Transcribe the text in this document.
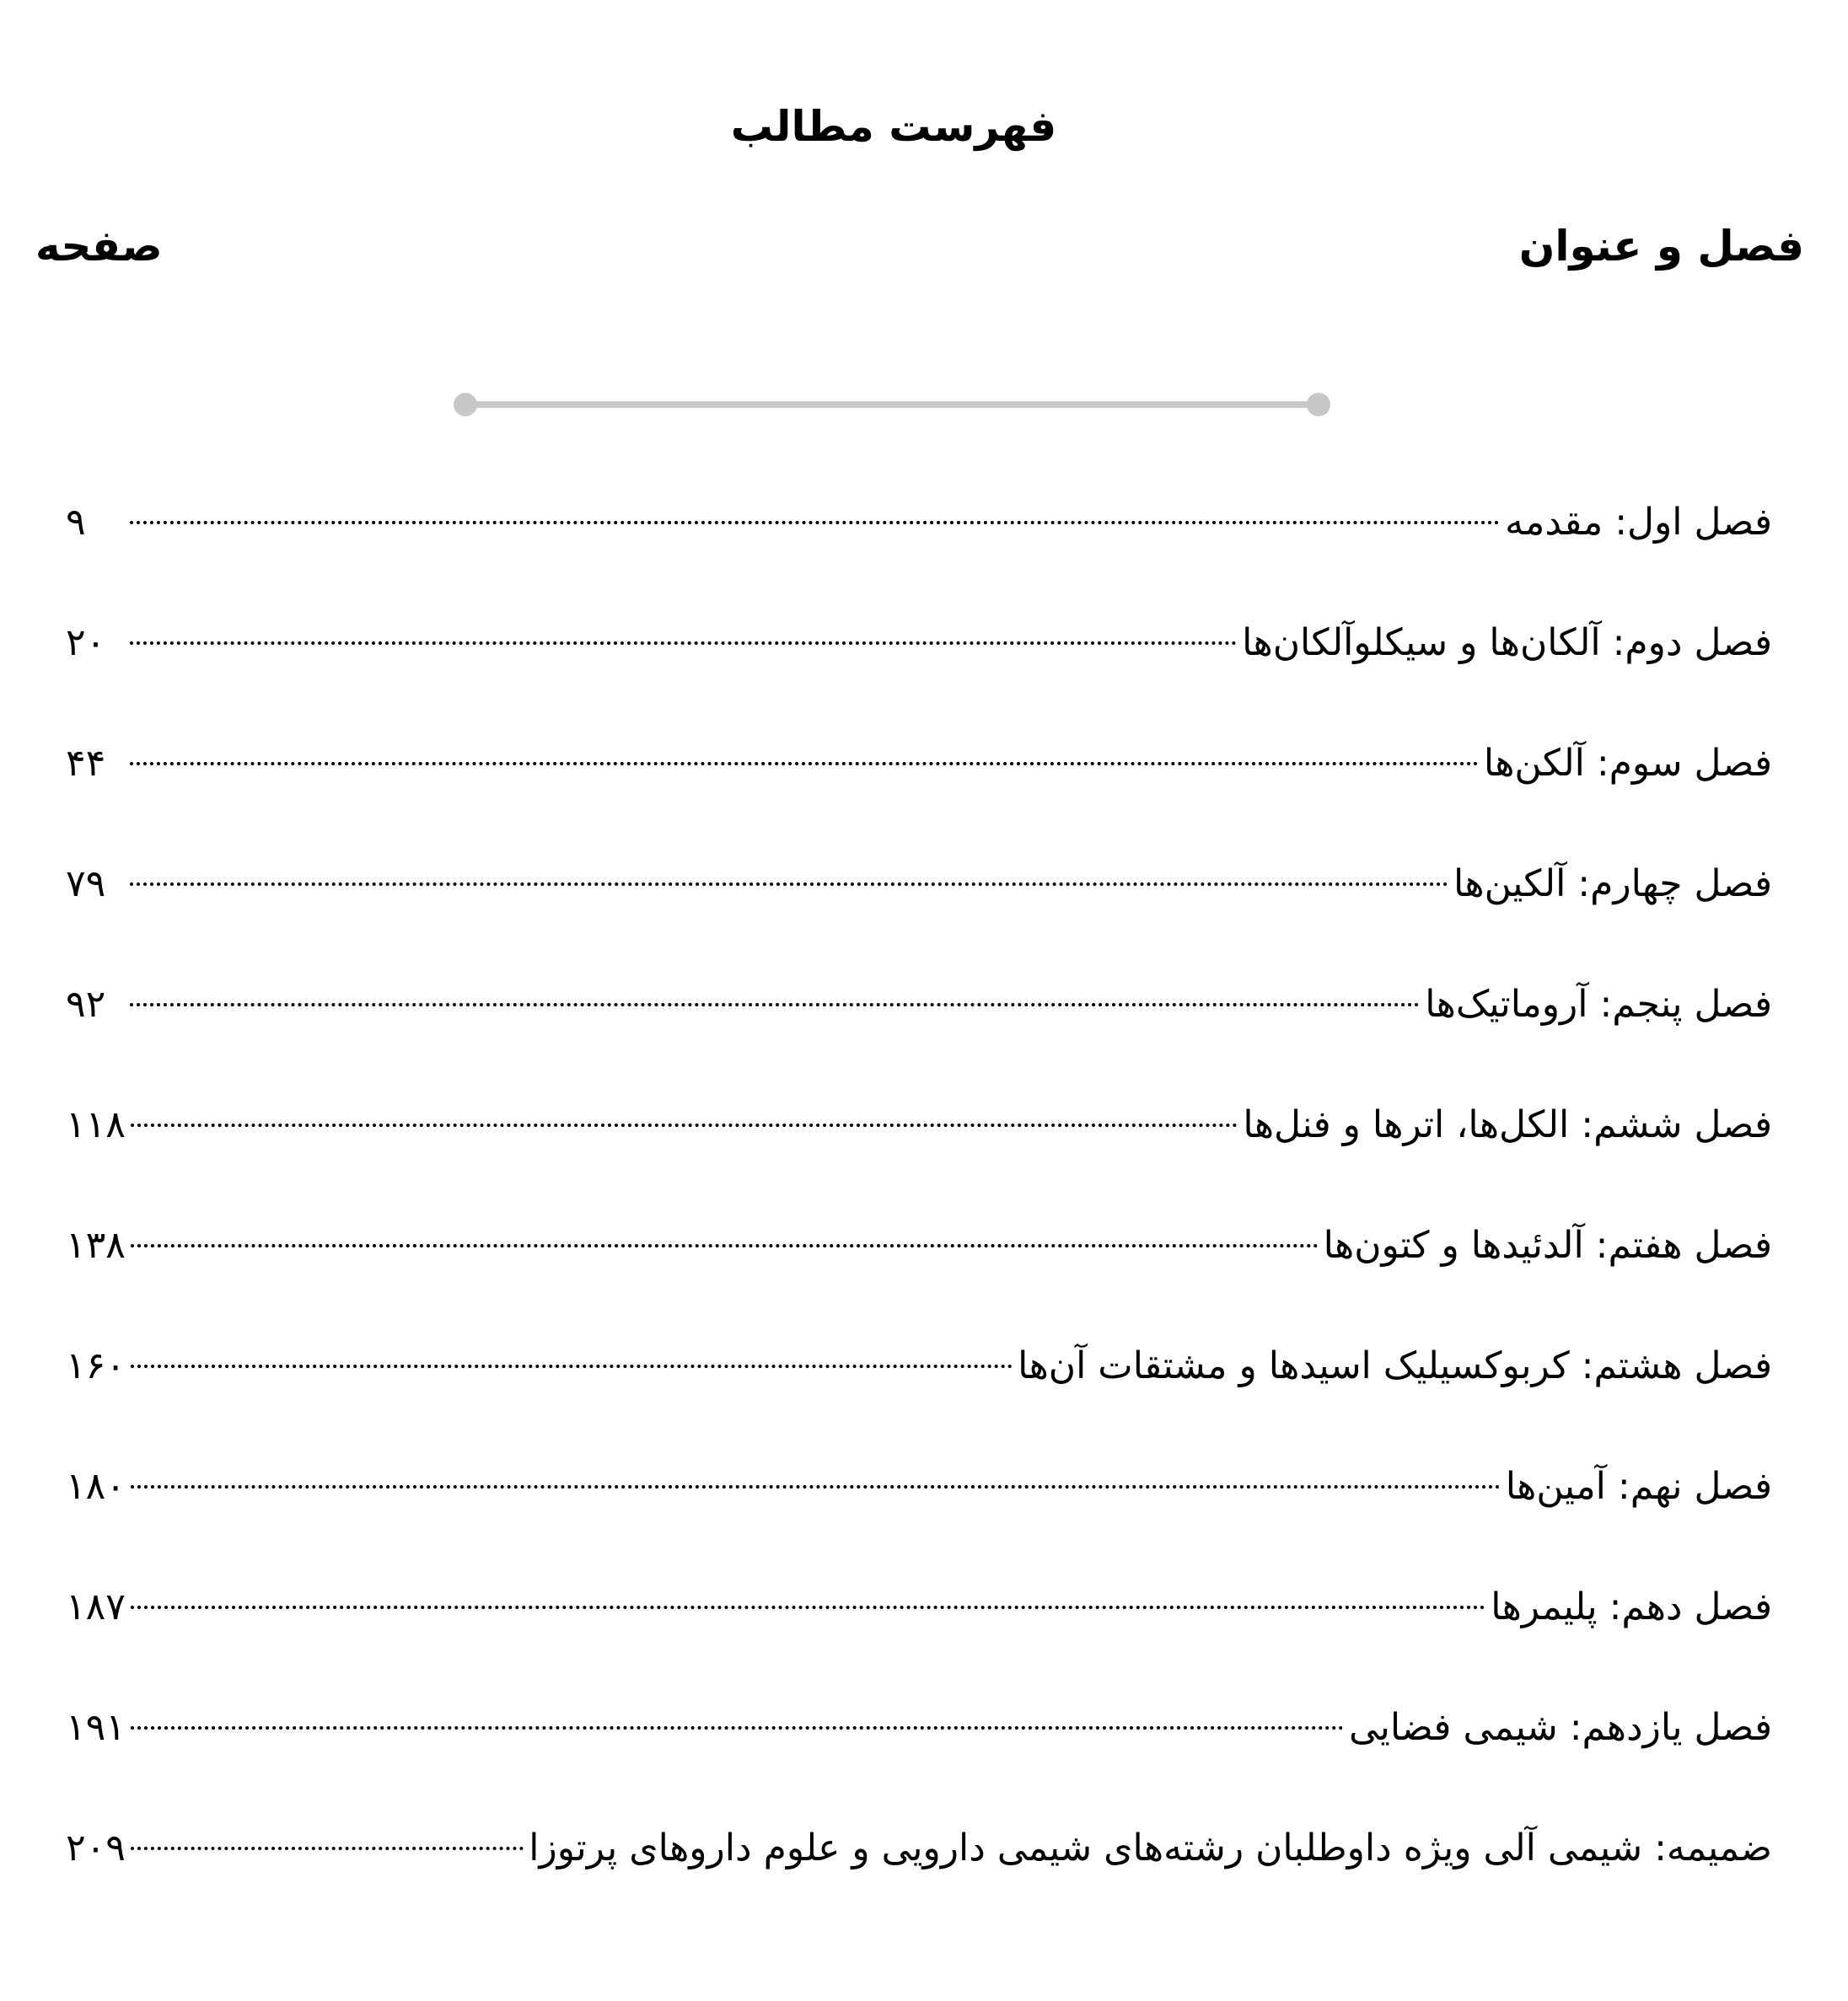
فهرست مطالب
فصل و عنوان
صفحه
فصل اول: مقدمه
۹
فصل دوم: آلکان‌ها و سیکلوآلکان‌ها
۲۰
فصل سوم: آلکن‌ها
۴۴
فصل چهارم: آلکین‌ها
۷۹
فصل پنجم: آروماتیک‌ها
۹۲
فصل ششم: الکل‌ها، اترها و فنل‌ها
۱۱۸
فصل هفتم: آلدئیدها و کتون‌ها
۱۳۸
فصل هشتم: کربوکسیلیک اسیدها و مشتقات آن‌ها
۱۶۰
فصل نهم: آمین‌ها
۱۸۰
فصل دهم: پلیمرها
۱۸۷
فصل یازدهم: شیمی فضایی
۱۹۱
ضمیمه: شیمی آلی ویژه داوطلبان رشته‌های شیمی دارویی و علوم داروهای پرتوزا
۲۰۹
